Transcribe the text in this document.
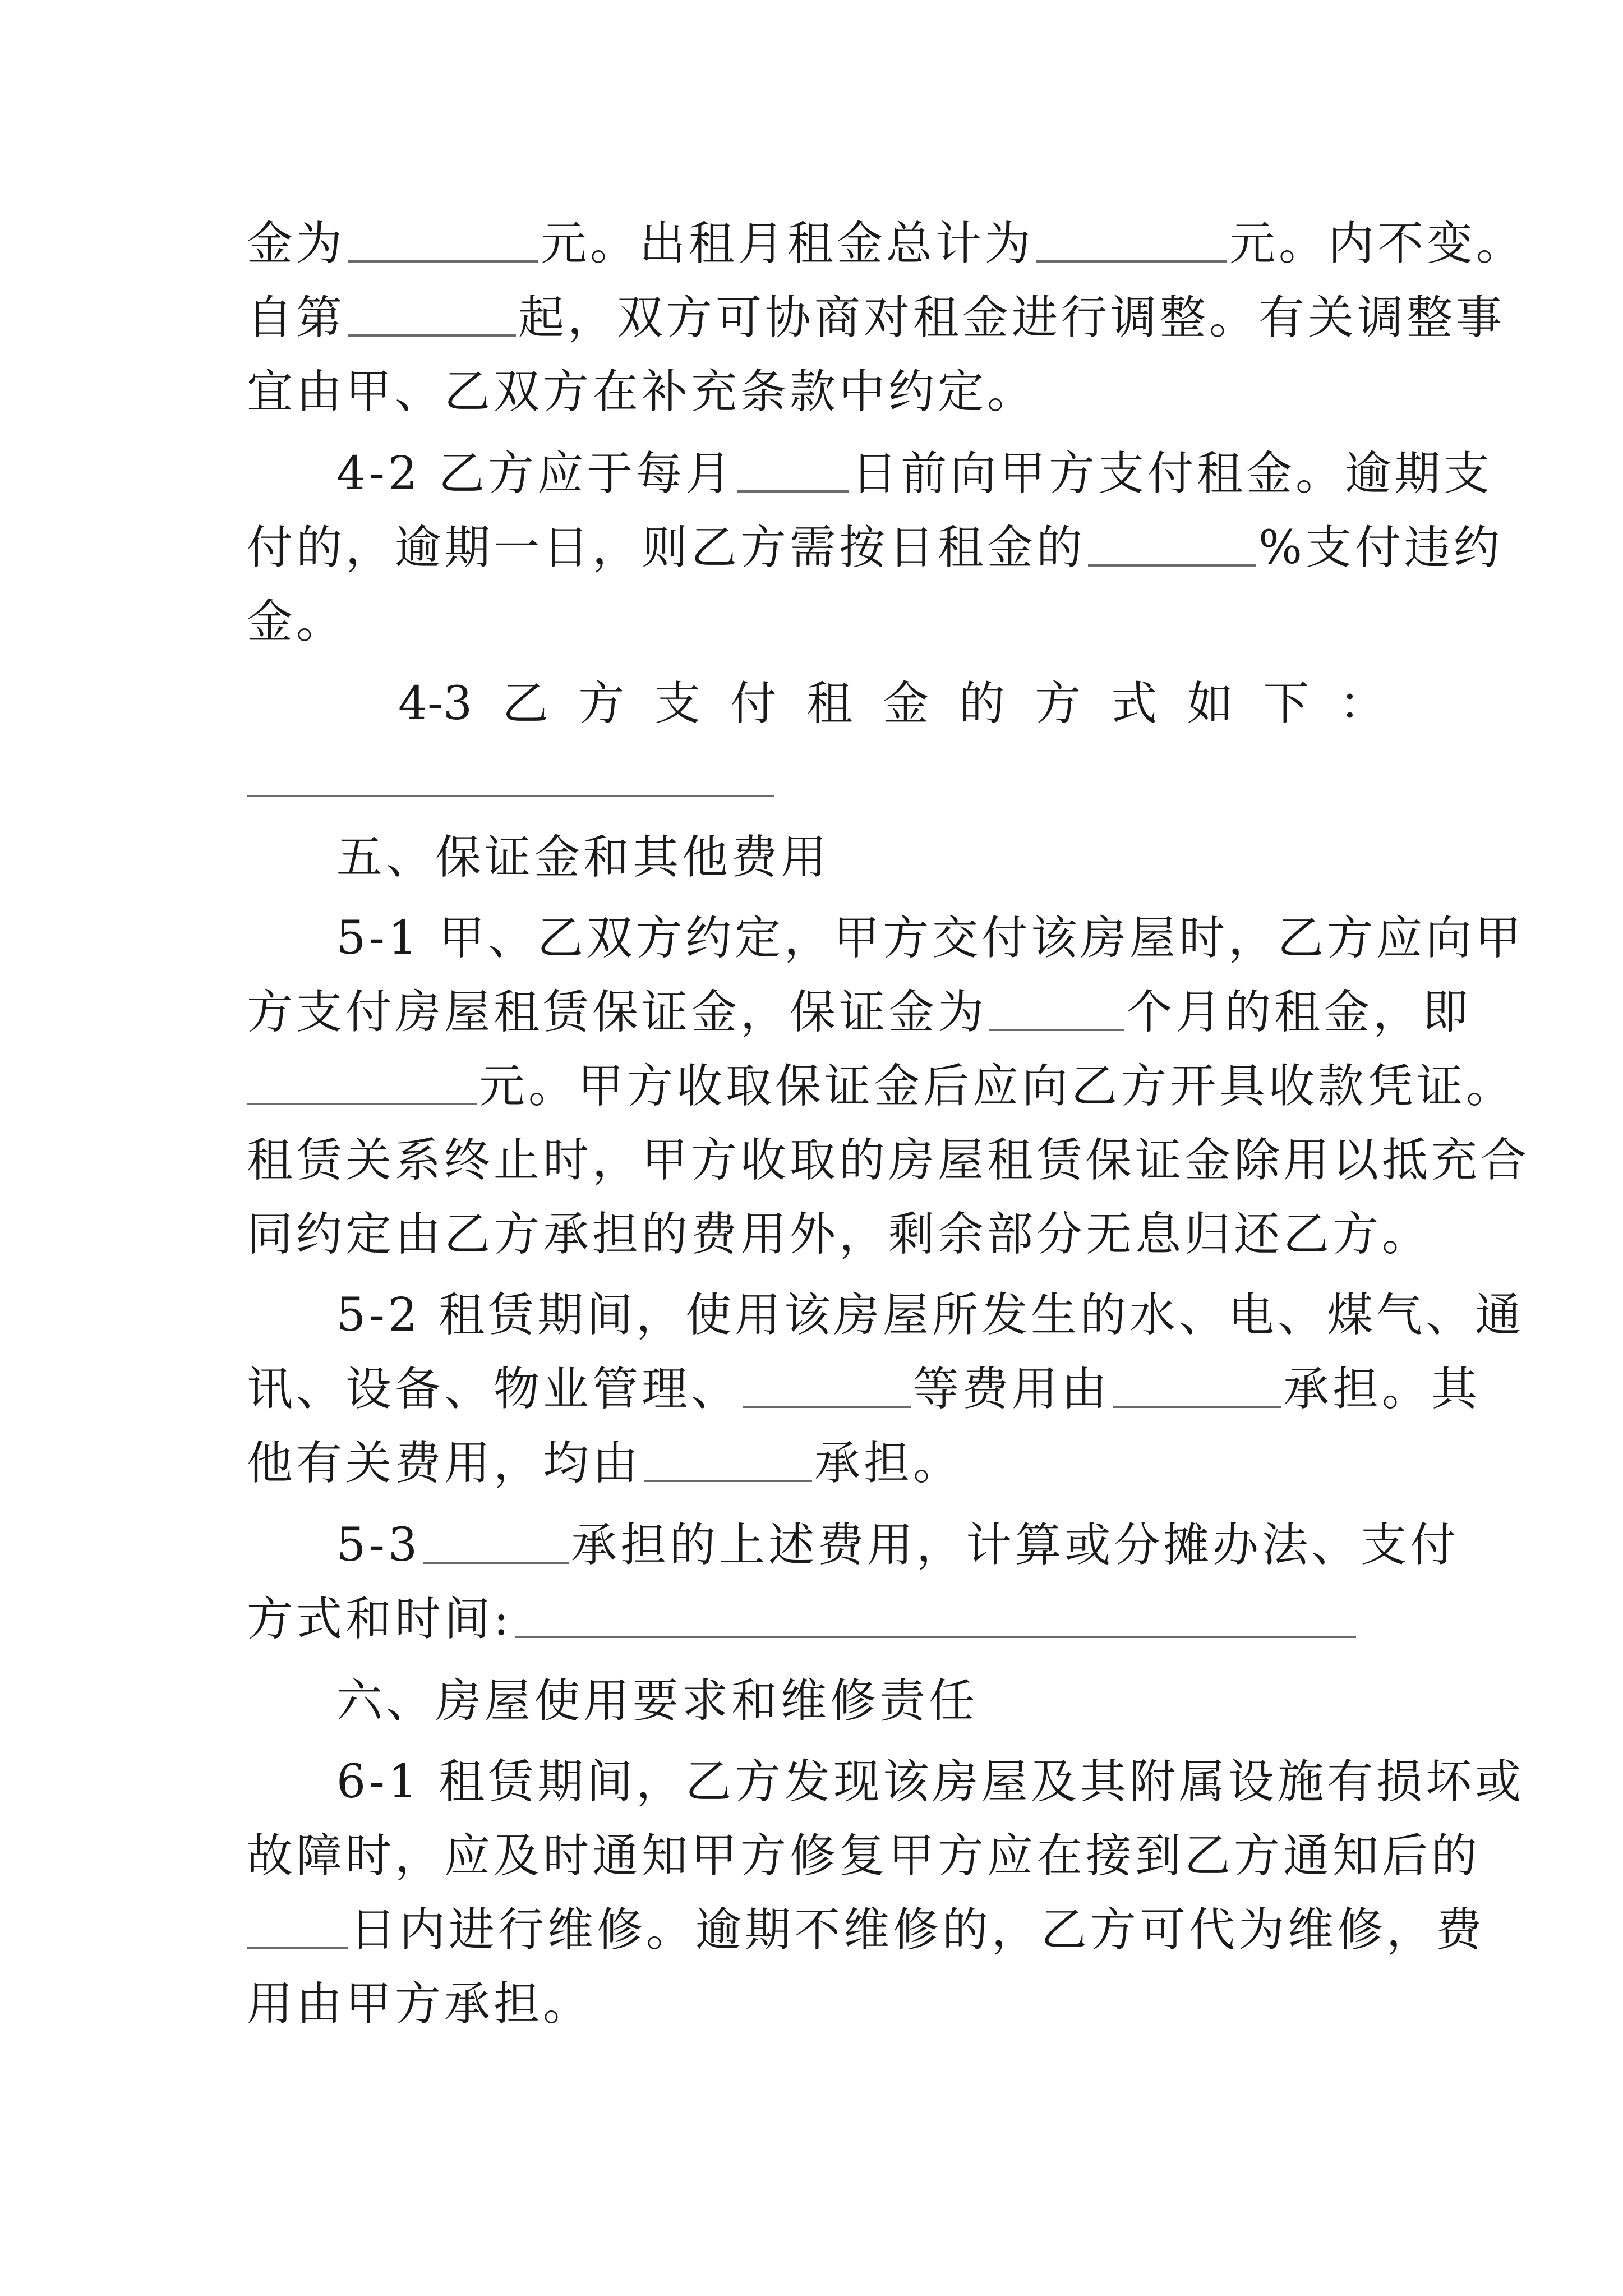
金为	元。出租月租金总计为	元。内不变。
自第	起，双方可协商对租金进行调整。有关调整事
宜由甲、乙双方在补充条款中约定。
4-2 乙方应于每月	日前向甲方支付租金。逾期支
付的，逾期一日，则乙方需按日租金的	%支付违约
金。
4-3 乙 方 支 付 租 金 的 方 式 如 下 ：
五、保证金和其他费用
5-1 甲、乙双方约定，甲方交付该房屋时，乙方应向甲
方支付房屋租赁保证金，保证金为	个月的租金，即
元。甲方收取保证金后应向乙方开具收款凭证。
租赁关系终止时，甲方收取的房屋租赁保证金除用以抵充合
同约定由乙方承担的费用外，剩余部分无息归还乙方。
5-2 租赁期间，使用该房屋所发生的水、电、煤气、通
讯、设备、物业管理、	等费用由	承担。其
他有关费用，均由	承担。
5-3	承担的上述费用，计算或分摊办法、支付
方式和时间:
六、房屋使用要求和维修责任
6-1 租赁期间，乙方发现该房屋及其附属设施有损坏或
故障时，应及时通知甲方修复甲方应在接到乙方通知后的
日内进行维修。逾期不维修的，乙方可代为维修，费
用由甲方承担。
